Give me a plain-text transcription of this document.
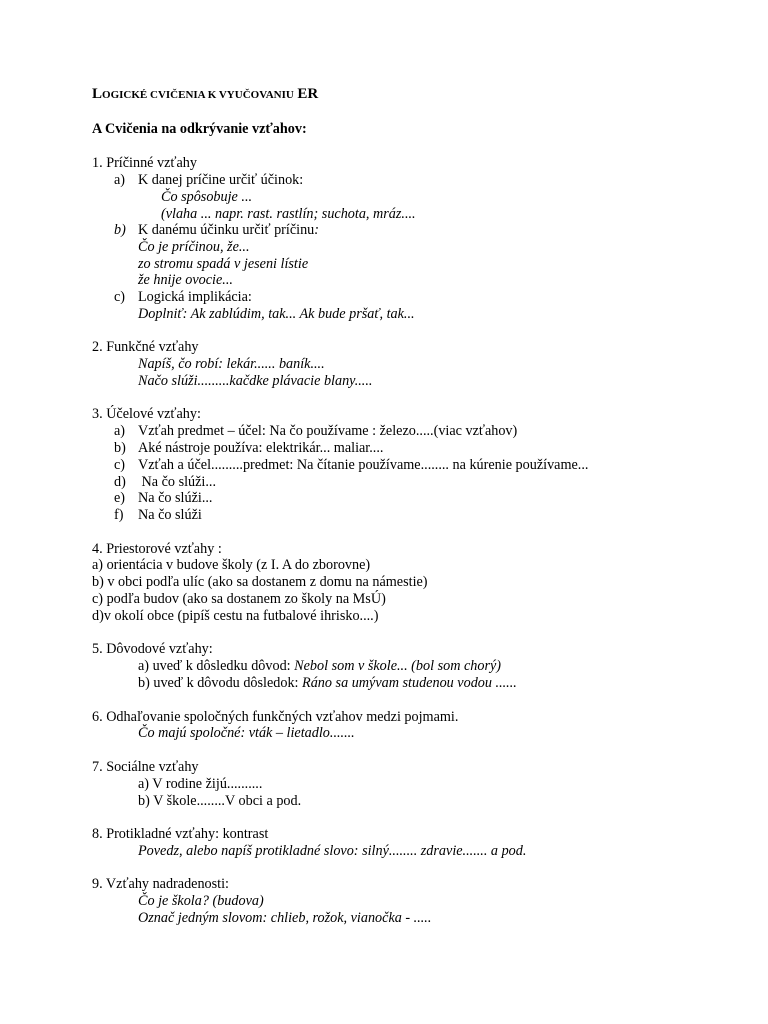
LOGICKÉ CVIČENIA K VYUČOVANIU ER
A Cvičenia na odkrývanie vzťahov:
1. Príčinné vzťahy
a) K danej príčine určiť účinok:
Čo spôsobuje ...
(vlaha ... napr. rast. rastlín; suchota, mráz....
b) K danému účinku určiť príčinu:
Čo je príčinou, že...
zo stromu spadá v jeseni lístie
že hnije ovocie...
c) Logická implikácia:
Doplniť: Ak zablúdim, tak... Ak bude pršať, tak...
2. Funkčné vzťahy
Napíš, čo robí: lekár...... baník....
Načo slúži.........kačdke plávacie blany.....
3. Účelové vzťahy:
a) Vzťah predmet – účel: Na čo používame : železo.....(viac vzťahov)
b) Aké nástroje používa: elektrikár... maliar....
c) Vzťah a účel.........predmet: Na čítanie používame........ na kúrenie používame...
d) Na čo slúži...
e) Na čo slúži...
f) Na čo slúži
4. Priestorové vzťahy :
a) orientácia v budove školy (z I. A do zborovne)
b) v obci podľa ulíc (ako sa dostanem z domu na námestie)
c) podľa budov (ako sa dostanem zo školy na MsÚ)
d)v okolí obce (pipíš cestu na futbalové ihrisko....)
5. Dôvodové vzťahy:
a) uveď k dôsledku dôvod: Nebol som v škole... (bol som chorý)
b) uveď k dôvodu dôsledok: Ráno sa umývam studenou vodou ......
6. Odhaľovanie spoločných funkčných vzťahov medzi pojmami.
Čo majú spoločné: vták – lietadlo.......
7. Sociálne vzťahy
a) V rodine žijú..........
b) V škole........V obci a pod.
8. Protikladné vzťahy: kontrast
Povedz, alebo napíš protikladné slovo: silný........ zdravie....... a pod.
9. Vzťahy nadradenosti:
Čo je škola? (budova)
Označ jedným slovom: chlieb, rožok, vianočka - .....
